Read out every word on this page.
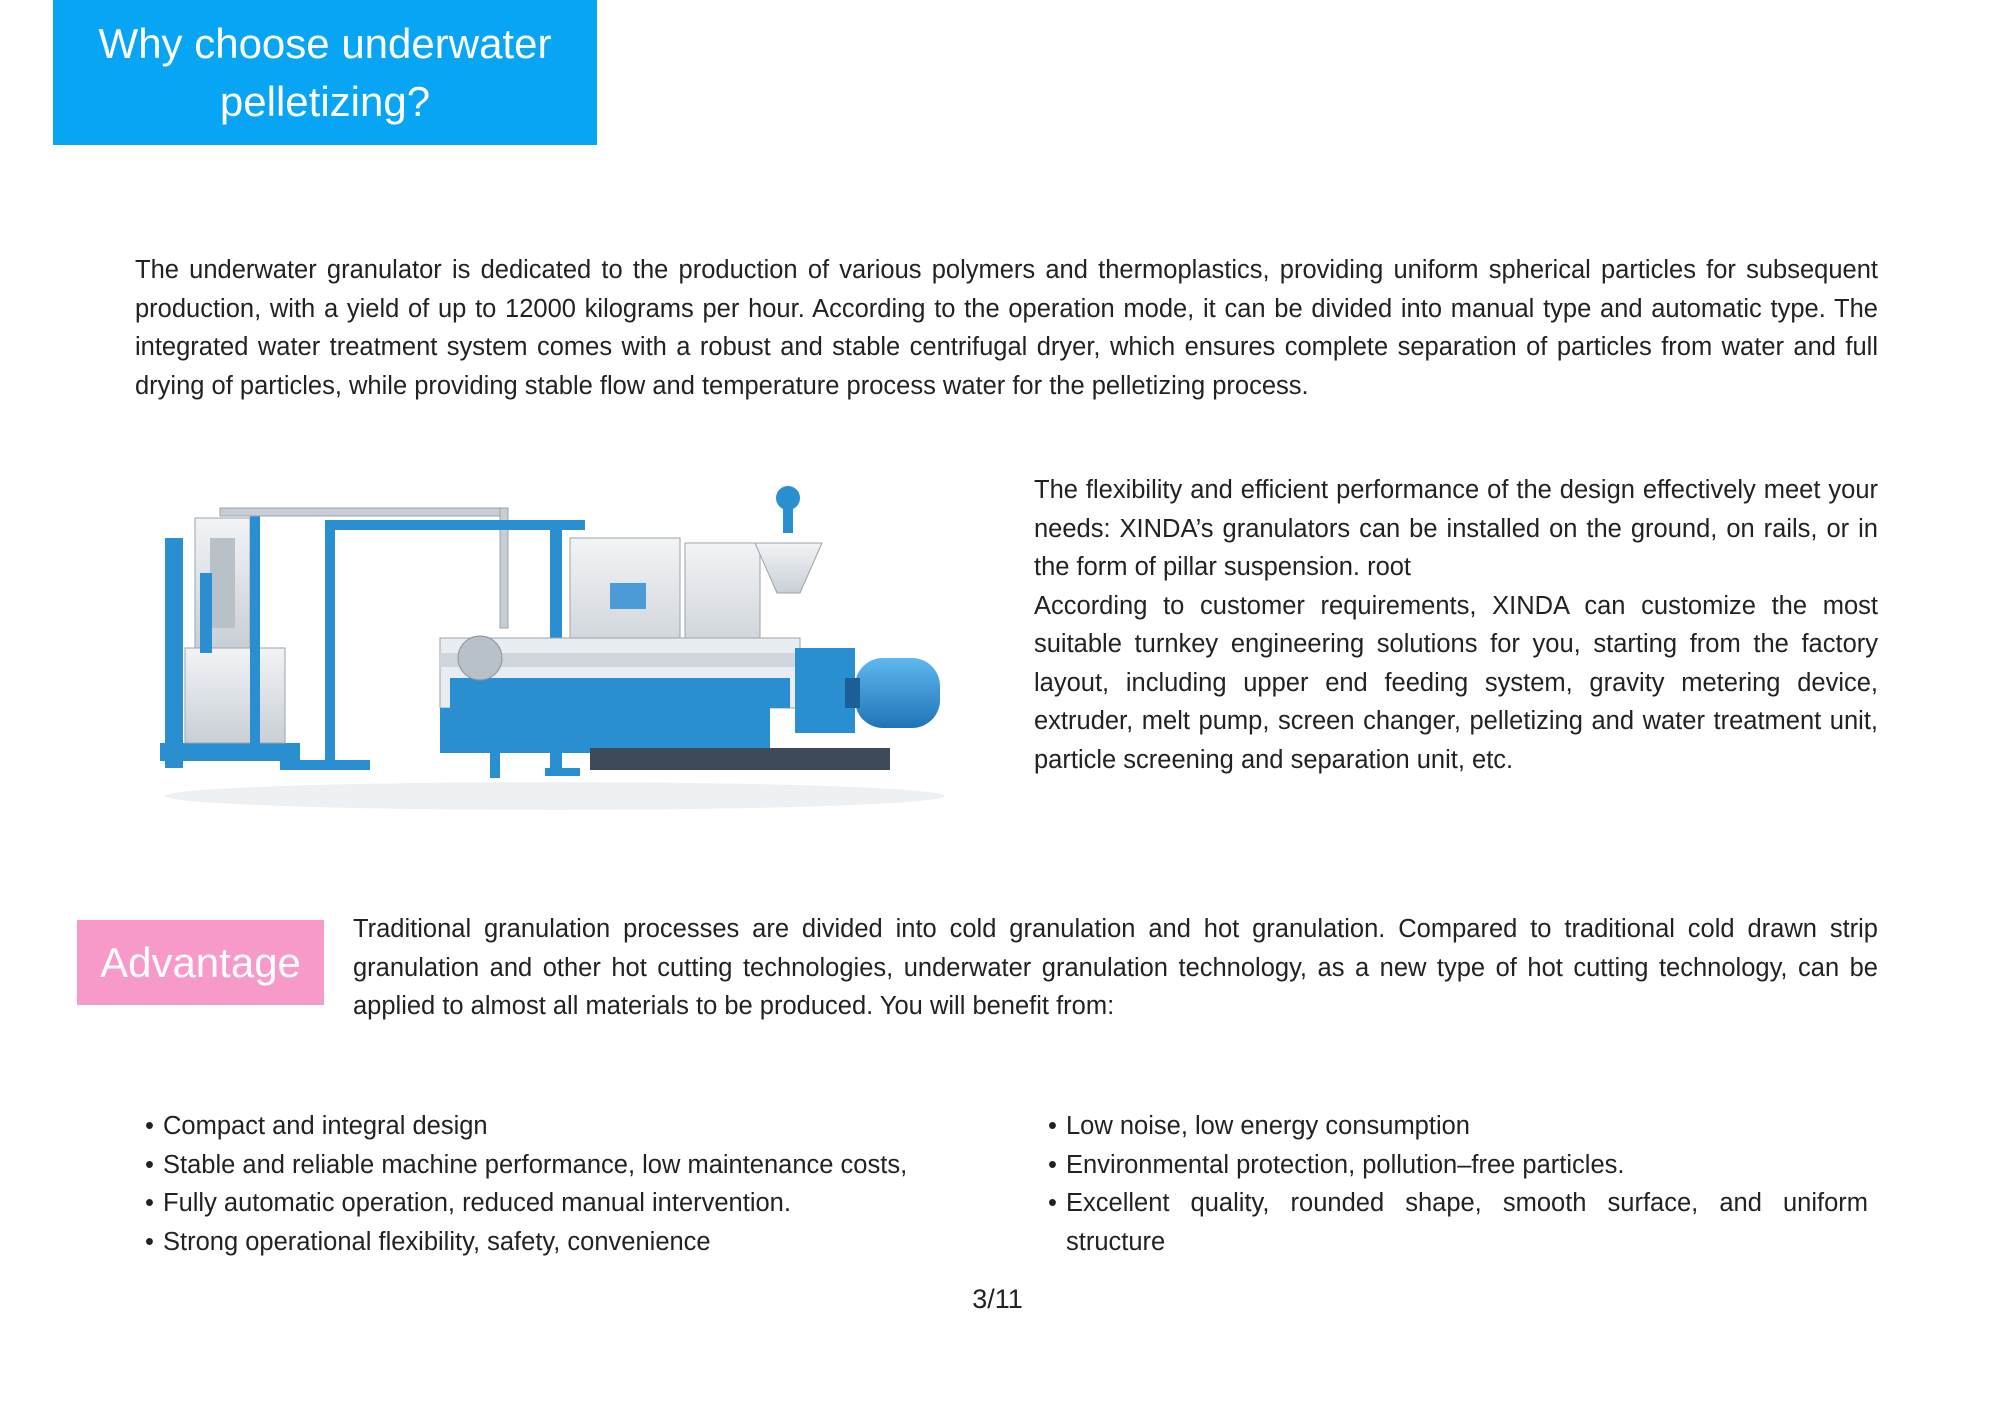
Why choose underwater
pelletizing?

The underwater granulator is dedicated to the production of various polymers and thermoplastics, providing uniform spherical particles for subsequent production, with a yield of up to 12000 kilograms per hour. According to the operation mode, it can be divided into manual type and automatic type. The integrated water treatment system comes with a robust and stable centrifugal dryer, which ensures complete separation of particles from water and full drying of particles, while providing stable flow and temperature process water for the pelletizing process.

The flexibility and efficient performance of the design effectively meet your needs: XINDA’s granulators can be installed on the ground, on rails, or in the form of pillar suspension. root

According to customer requirements, XINDA can customize the most suitable turnkey engineering solutions for you, starting from the factory layout, including upper end feeding system, gravity metering device, extruder, melt pump, screen changer, pelletizing and water treatment unit, particle screening and separation unit, etc.

Advantage

Traditional granulation processes are divided into cold granulation and hot granulation. Compared to traditional cold drawn strip granulation and other hot cutting technologies, underwater granulation technology, as a new type of hot cutting technology, can be applied to almost all materials to be produced. You will benefit from:

• Compact and integral design
• Stable and reliable machine performance, low maintenance costs,
• Fully automatic operation, reduced manual intervention.
• Strong operational flexibility, safety, convenience
• Low noise, low energy consumption
• Environmental protection, pollution–free particles.
• Excellent quality, rounded shape, smooth surface, and uniform structure
3/11
